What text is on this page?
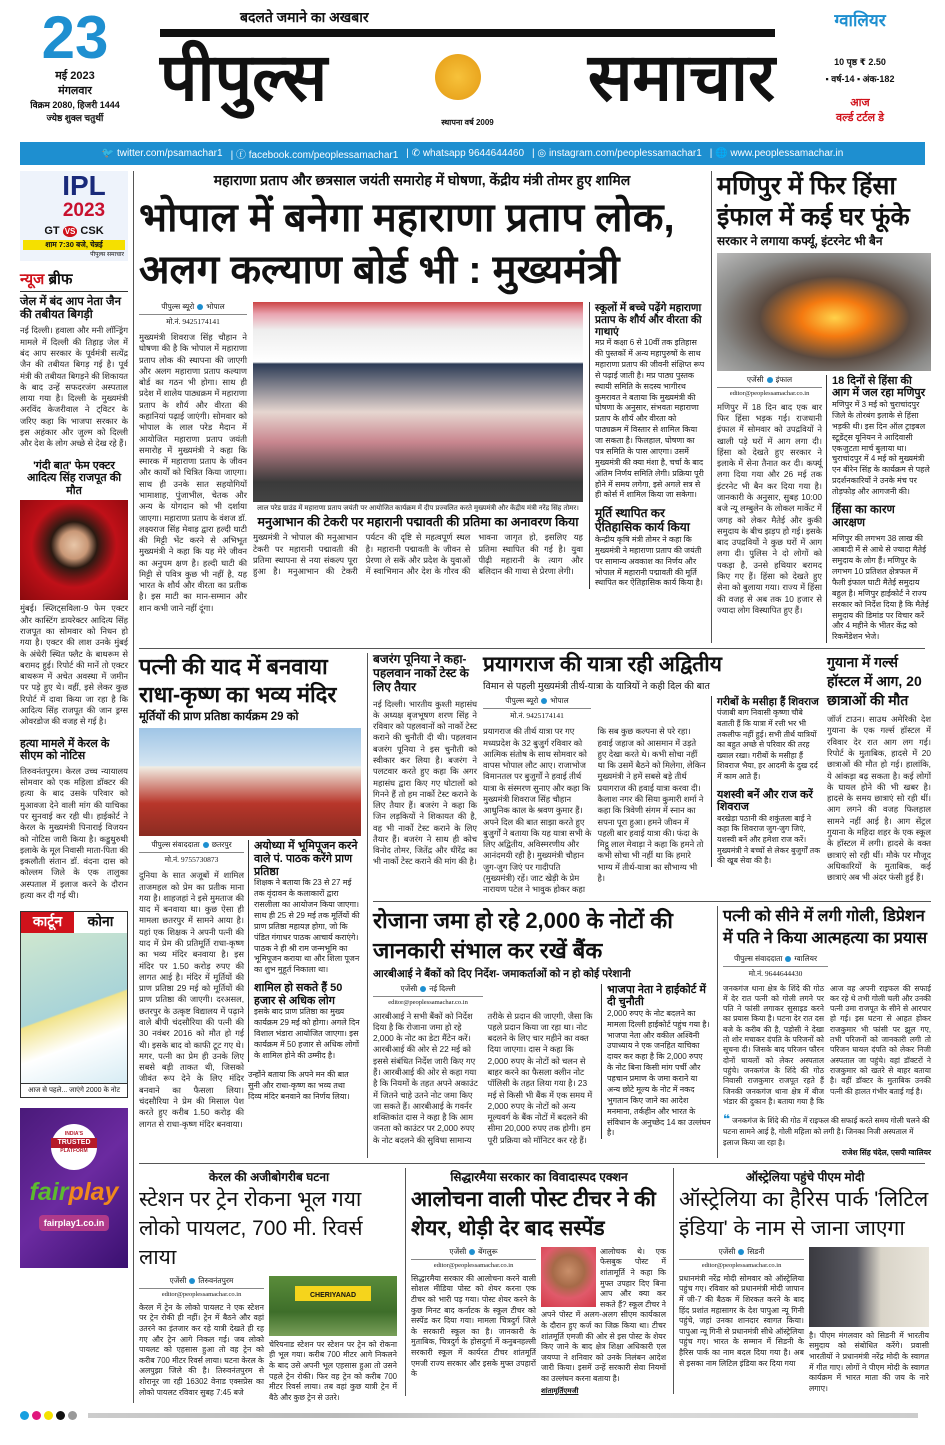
23
मई 2023
मंगलवार
विक्रम 2080, हिजरी 1444
ज्येष्ठ शुक्ल चतुर्थी
बदलते जमाने का अखबार
पीपुल्स	समाचार
स्थापना वर्ष 2009
ग्वालियर
10 पृष्ठ ₹ 2.50
▪ वर्ष-14 ▪ अंक-182
आज
वर्ल्ड टर्टल डे
🐦 twitter.com/psamachar1 | ⓕ facebook.com/peoplessamachar1 | ✆ whatsapp 9644644460 | ◎ instagram.com/peoplessamachar1 | 🌐 www.peoplessamachar.in
IPL
2023
GT VS CSK
शाम 7:30 बजे, चेन्नई
पीपुल्स समाचार
न्यूज ब्रीफ
जेल में बंद आप नेता जैन की तबीयत बिगड़ी
नई दिल्ली। हवाला और मनी लॉन्ड्रिंग मामले में दिल्ली की तिहाड़ जेल में बंद आप सरकार के पूर्वमंत्री सत्येंद्र जैन की तबीयत बिगड़ गई है। पूर्व मंत्री की तबीयत बिगड़ने की शिकायत के बाद उन्हें सफदरजंग अस्पताल लाया गया है। दिल्ली के मुख्यमंत्री अरविंद केजरीवाल ने ट्विटर के जरिए कहा कि भाजपा सरकार के इस अहंकार और जुल्म को दिल्ली और देश के लोग अच्छे से देख रहे हैं।
'गंदी बात' फेम एक्टर आदित्य सिंह राजपूत की मौत
मुंबई। स्प्लिट्सविला-9 फेम एक्टर और कास्टिंग डायरेक्टर आदित्य सिंह राजपूत का सोमवार को निधन हो गया है। एक्टर की लाश उनके मुंबई के अंधेरी स्थित फ्लैट के बाथरूम से बरामद हुई। रिपोर्ट की मानें तो एक्टर बाथरूम में अचेत अवस्था में जमीन पर पड़े हुए थे। वहीं, इसे लेकर कुछ रिपोर्ट में दावा किया जा रहा है कि आदित्य सिंह राजपूत की जान ड्रग्स ओवरडोज की वजह से गई है।
हत्या मामले में केरल के सीएम को नोटिस
तिरुवनंतपुरम। केरल उच्च न्यायालय सोमवार को एक महिला डॉक्टर की हत्या के बाद उसके परिवार को मुआवजा देने वाली मांग की याचिका पर सुनवाई कर रही थी। हाईकोर्ट ने केरल के मुख्यमंत्री पिनाराई विजयन को नोटिस जारी किया है। कडुथुरुथी इलाके के मूल निवासी माता-पिता की इकलौती संतान डॉ. वंदना दास को कोल्लम जिले के एक तालुका अस्पताल में इलाज करने के दौरान हत्या कर दी गई थी।
कार्टून	कोना
आज से पहले... जाएंगे 2000 के नोट
INDIA'S
TRUSTED
PLATFORM
fairplay
fairplay1.co.in
महाराणा प्रताप और छत्रसाल जयंती समारोह में घोषणा, केंद्रीय मंत्री तोमर हुए शामिल
भोपाल में बनेगा महाराणा प्रताप लोक, अलग कल्याण बोर्ड भी : मुख्यमंत्री
पीपुल्स ब्यूरो भोपाल
मो.नं. 9425174141
मुख्यमंत्री शिवराज सिंह चौहान ने घोषणा की है कि भोपाल में महाराणा प्रताप लोक की स्थापना की जाएगी और अलग महाराणा प्रताप कल्याण बोर्ड का गठन भी होगा। साथ ही प्रदेश में शालेय पाठ्यक्रम में महाराणा प्रताप के शौर्य और वीरता की कहानियां पढ़ाई जाएंगी। सोमवार को भोपाल के लाल परेड मैदान में आयोजित महाराणा प्रताप जयंती समारोह में मुख्यमंत्री ने कहा कि स्मारक में महाराणा प्रताप के जीवन और कार्यों को चित्रित किया जाएगा। साथ ही उनके सात सहयोगियों भामाशाह, पुंजाभील, चेतक और अन्य के योगदान को भी दर्शाया जाएगा। महाराणा प्रताप के वंशज डॉ. लक्ष्यराज सिंह मेवाड़ द्वारा हल्दी घाटी की मिट्टी भेंट करने से अभिभूत मुख्यमंत्री ने कहा कि यह मेरे जीवन का अनुपम क्षण है। हल्दी घाटी की मिट्टी से पवित्र कुछ भी नहीं है, यह भारत के शौर्य और वीरता का प्रतीक है। इस माटी का मान-सम्मान और शान कभी जाने नहीं दूंगा।
लाल परेड ग्राउंड में महाराणा प्रताप जयंती पर आयोजित कार्यक्रम में दीप प्रज्वलित करते मुख्यमंत्री और केंद्रीय मंत्री नरेंद्र सिंह तोमर।
मनुआभान की टेकरी पर महारानी पद्मावती की प्रतिमा का अनावरण किया
मुख्यमंत्री ने भोपाल की मनुआभान टेकरी पर महारानी पद्मावती की प्रतिमा स्थापना से नया संकल्प पूरा हुआ है। मनुआभान की टेकरी पर्यटन की दृष्टि से महत्वपूर्ण स्थल है। महारानी पद्मावती के जीवन से प्रेरणा ले सकें और प्रदेश के युवाओं में स्वाभिमान और देश के गौरव की भावना जागृत हो, इसलिए यह प्रतिमा स्थापित की गई है। युवा पीढ़ी महारानी के त्याग और बलिदान की गाथा से प्रेरणा लेगी।
स्कूलों में बच्चे पढ़ेंगे महाराणा प्रताप के शौर्य और वीरता की गाथाएं
मप्र में कक्षा 6 से 10वीं तक इतिहास की पुस्तकों में अन्य महापुरुषों के साथ महाराणा प्रताप की जीवनी संक्षिप्त रूप से पढ़ाई जाती है। मप्र पाठ्य पुस्तक स्थायी समिति के सदस्य भागीरथ कुमरावत ने बताया कि मुख्यमंत्री की घोषणा के अनुसार, संभवतः महाराणा प्रताप के शौर्य और वीरता को पाठ्यक्रम में विस्तार से शामिल किया जा सकता है। फिलहाल, घोषणा का पत्र समिति के पास आएगा। उसमें मुख्यमंत्री की क्या मंशा है, चर्चा के बाद अंतिम निर्णय समिति लेगी। प्रक्रिया पूरी होने में समय लगेगा, इसे अगले सत्र से ही कोर्स में शामिल किया जा सकेगा।
मूर्ति स्थापित कर ऐतिहासिक कार्य किया
केन्द्रीय कृषि मंत्री तोमर ने कहा कि मुख्यमंत्री ने महाराणा प्रताप की जयंती पर सामान्य अवकाश का निर्णय और भोपाल में महारानी पद्मावती की मूर्ति स्थापित कर ऐतिहासिक कार्य किया है।
मणिपुर में फिर हिंसा इंफाल में कई घर फूंके
सरकार ने लगाया कर्फ्यू, इंटरनेट भी बैन
एजेंसी इंफाल
editor@peoplessamachar.co.in
मणिपुर में 18 दिन बाद एक बार फिर हिंसा भड़क गई। राजधानी इंफाल में सोमवार को उपद्रवियों ने खाली पड़े घरों में आग लगा दी। हिंसा को देखते हुए सरकार ने इलाके में सेना तैनात कर दी। कर्फ्यू लगा दिया गया और 26 मई तक इंटरनेट भी बैन कर दिया गया है। जानकारी के अनुसार, सुबह 10:00 बजे न्यू लम्बुलेन के लोकल मार्केट में जगह को लेकर मैतेई और कुकी समुदाय के बीच झड़प हो गई। इसके बाद उपद्रवियों ने कुछ घरों में आग लगा दी। पुलिस ने दो लोगों को पकड़ा है, उनसे हथियार बरामद किए गए हैं। हिंसा को देखते हुए सेना को बुलाया गया। राज्य में हिंसा की वजह से अब तक 10 हजार से ज्यादा लोग विस्थापित हुए हैं।
18 दिनों से हिंसा की आग में जल रहा मणिपुर
मणिपुर में 3 मई को चुराचांदपुर जिले के तोरबंग इलाके से हिंसा भड़की थी। इस दिन ऑल ट्राइबल स्टूडेंट्स यूनियन ने आदिवासी एकजुटता मार्च बुलाया था। चुराचांदपुर में 4 मई को मुख्यमंत्री एन बीरेन सिंह के कार्यक्रम से पहले प्रदर्शनकारियों ने उनके मंच पर तोड़फोड़ और आगजनी की।
हिंसा का कारण आरक्षण
मणिपुर की लगभग 38 लाख की आबादी में से आधे से ज्यादा मैतेई समुदाय के लोग हैं। मणिपुर के लगभग 10 प्रतिशत क्षेत्रफल में फैली इंफाल घाटी मैतेई समुदाय बहुल है। मणिपुर हाईकोर्ट ने राज्य सरकार को निर्देश दिया है कि मैतेई समुदाय की डिमांड पर विचार करें और 4 महीने के भीतर केंद्र को रिकमेंडेशन भेजे।
पत्नी की याद में बनवाया राधा-कृष्ण का भव्य मंदिर
मूर्तियों की प्राण प्रतिष्ठा कार्यक्रम 29 को
पीपुल्स संवाददाता छतरपुर
मो.नं. 9755730873
दुनिया के सात अजूबों में शामिल ताजमहल को प्रेम का प्रतीक माना गया है। शाहजहां ने इसे मुमताज की याद में बनवाया था। कुछ ऐसा ही मामला छतरपुर में सामने आया है। यहां एक शिक्षक ने अपनी पत्नी की याद में प्रेम की प्रतिमूर्ति राधा-कृष्ण का भव्य मंदिर बनवाया है। इस मंदिर पर 1.50 करोड़ रुपए की लागत आई है। मंदिर में मूर्तियों की प्राण प्रतिष्ठा 29 मई को मूर्तियों की प्राण प्रतिष्ठा की जाएगी। दरअसल, छतरपुर के उत्कृष्ट विद्यालय में पढ़ाने वाले बीपी चंदसौरिया की पत्नी की 30 नवंबर 2016 को मौत हो गई थी। इसके बाद वो काफी टूट गए थे। मगर, पत्नी का प्रेम ही उनके लिए सबसे बड़ी ताकत थी, जिसको जीवंत रूप देने के लिए मंदिर बनवाने का फैसला लिया। चंदसौरिया ने प्रेम की मिसाल पेश करते हुए करीब 1.50 करोड़ की लागत से राधा-कृष्ण मंदिर बनवाया।
अयोध्या में भूमिपूजन करने वाले पं. पाठक करेंगे प्राण प्रतिष्ठा
शिक्षक ने बताया कि 23 से 27 मई तक वृंदावन के कलाकारों द्वारा रासलीला का आयोजन किया जाएगा। साथ ही 25 से 29 मई तक मूर्तियों की प्राण प्रतिष्ठा महायज्ञ होगा, जो कि पंडित गंगाधर पाठक आचार्य कराएंगे। पाठक ने ही श्री राम जन्मभूमि का भूमिपूजन कराया था और शिला पूजन का शुभ मुहूर्त निकाला था।
शामिल हो सकते हैं 50 हजार से अधिक लोग
इसके बाद प्राण प्रतिष्ठा का मुख्य कार्यक्रम 29 मई को होगा। अगले दिन विशाल भंडारा आयोजित जाएगा। इस कार्यक्रम में 50 हजार से अधिक लोगों के शामिल होने की उम्मीद है।
उन्होंने बताया कि अपने मन की बात सुनी और राधा-कृष्ण का भव्य तथा दिव्य मंदिर बनवाने का निर्णय लिया।
बजरंग पूनिया ने कहा- पहलवान नार्को टेस्ट के लिए तैयार
नई दिल्ली। भारतीय कुश्ती महासंघ के अध्यक्ष बृजभूषण शरण सिंह ने रविवार को पहलवानों को नार्को टेस्ट कराने की चुनौती दी थी। पहलवान बजरंग पूनिया ने इस चुनौती को स्वीकार कर लिया है। बजरंग ने पलटवार करते हुए कहा कि अगर महासंघ द्वारा किए गए घोटालों को गिनने हैं तो हम नार्को टेस्ट कराने के लिए तैयार हैं। बजरंग ने कहा कि जिन लड़कियों ने शिकायत की है, वह भी नार्को टेस्ट कराने के लिए तैयार हैं। बजरंग ने साथ ही कोच विनोद तोमर, जितेंद्र और धीरेंद्र का भी नार्को टेस्ट कराने की मांग की है।
प्रयागराज की यात्रा रही अद्वितीय
विमान से पहली मुख्यमंत्री तीर्थ-यात्रा के यात्रियों ने कही दिल की बात
पीपुल्स ब्यूरो भोपाल
मो.नं. 9425174141
प्रयागराज की तीर्थ यात्रा पर गए मध्यप्रदेश के 32 बुजुर्ग रविवार को आत्मिक संतोष के साथ सोमवार को वापस भोपाल लौट आए। राजाभोज विमानतल पर बुजुर्गों ने हवाई तीर्थ यात्रा के संस्मरण सुनाए और कहा कि मुख्यमंत्री शिवराज सिंह चौहान आधुनिक काल के श्रवण कुमार हैं। अपने दिल की बात साझा करते हुए बुजुर्गों ने बताया कि यह यात्रा सभी के लिए अद्वितीय, अविस्मरणीय और आनंदमयी रही है। मुख्यमंत्री चौहान जुग-जुग जिएं पर गादीपति (मुख्यमंत्री) रहें। जाट खेड़ी के प्रेम नारायण पटेल ने भावुक होकर कहा कि सब कुछ कल्पना से परे रहा। हवाई जहाज को आसमान में उड़ते हुए देखा करते थे। कभी सोचा नहीं था कि उसमें बैठने को मिलेगा, लेकिन मुख्यमंत्री ने हमें सबसे बड़े तीर्थ प्रयागराज की हवाई यात्रा करवा दी। कैलाश नगर की सिया कुमारी शर्मा ने कहा कि त्रिवेणी संगम में स्नान का सपना पूरा हुआ। हमने जीवन में पहली बार हवाई यात्रा की। फंदा के मिट्ठू लाल मेवाड़ा ने कहा कि हमने तो कभी सोचा भी नहीं था कि हमारे भाग्य में तीर्थ-यात्रा का सौभाग्य भी है।
गरीबों के मसीहा हैं शिवराज
पंजाबी बाग निवासी कृष्णा चौबे बताती हैं कि यात्रा में रत्ती भर भी तकलीफ नहीं हुई। सभी तीर्थ यात्रियों का बहुत अच्छे से परिवार की तरह ख्याल रखा। गरीबों के मसीहा हैं शिवराज भैया, हर आदमी के दुख दर्द में काम आते हैं।
यशस्वी बनें और राज करें शिवराज
बरखेड़ा पठानी की शकुंतला बाई ने कहा कि शिवराज जुग-जुग जिएं, यशस्वी बनें और हमेशा राज करें। मुख्यमंत्री ने बच्चों से लेकर बुजुर्गों तक की खूब सेवा की है।
गुयाना में गर्ल्स हॉस्टल में आग, 20 छात्राओं की मौत
जॉर्ज टाउन। साउथ अमेरिकी देश गुयाना के एक गर्ल्स हॉस्टल में रविवार देर रात आग लग गई। रिपोर्ट के मुताबिक, हादसे में 20 छात्राओं की मौत हो गई। हालांकि, ये आंकड़ा बढ़ सकता है। कई लोगों के घायल होने की भी खबर है। हादसे के समय छात्राएं सो रही थीं। आग लगने की वजह फिलहाल सामने नहीं आई है। आग सेंट्रल गुयाना के महिदा शहर के एक स्कूल के हॉस्टल में लगी। हादसे के वक्त छात्राएं सो रही थीं। मौके पर मौजूद अधिकारियों के मुताबिक, कई छात्राएं अब भी अंदर फंसी हुई हैं।
रोजाना जमा हो रहे 2,000 के नोटों की जानकारी संभाल कर रखें बैंक
आरबीआई ने बैंकों को दिए निर्देश- जमाकर्ताओं को न हो कोई परेशानी
एजेंसी नई दिल्ली
editor@peoplessamachar.co.in
आरबीआई ने सभी बैंकों को निर्देश दिया है कि रोजाना जमा हो रहे 2,000 के नोट का डेटा मैंटेन करें। आरबीआई की ओर से 22 मई को इससे संबंधित निर्देश जारी किए गए हैं। आरबीआई की ओर से कहा गया है कि नियमों के तहत अपने अकाउंट में जितने चाहे उतने नोट जमा किए जा सकते हैं। आरबीआई के गवर्नर शक्तिकांत दास ने कहा है कि आम जनता को काउंटर पर 2,000 रुपए के नोट बदलने की सुविधा सामान्य तरीके से प्रदान की जाएगी, जैसा कि पहले प्रदान किया जा रहा था। नोट बदलने के लिए चार महीने का वक्त दिया जाएगा। दास ने कहा कि 2,000 रुपए के नोटों को चलन से बाहर करने का फैसला क्लीन नोट पॉलिसी के तहत लिया गया है। 23 मई से किसी भी बैंक में एक समय में 2,000 रुपए के नोटों को अन्य मूल्यवर्ग के बैंक नोटों में बदलने की सीमा 20,000 रुपए तक होगी। हम पूरी प्रक्रिया को मॉनिटर कर रहे हैं।
भाजपा नेता ने हाईकोर्ट में दी चुनौती
2,000 रुपए के नोट बदलने का मामला दिल्ली हाईकोर्ट पहुंच गया है। भाजपा नेता और वकील अश्विनी उपाध्याय ने एक जनहित याचिका दायर कर कहा है कि 2,000 रुपए के नोट बिना किसी मांग पर्ची और पहचान प्रमाण के जमा कराने या अन्य छोटे मूल्य के नोट में नकद भुगतान किए जाने का आदेश मनमाना, तर्कहीन और भारत के संविधान के अनुच्छेद 14 का उल्लंघन है।
पत्नी को सीने में लगी गोली, डिप्रेशन में पति ने किया आत्महत्या का प्रयास
पीपुल्स संवाददाता ग्वालियर
मो.नं. 9644644430
जनकगंज थाना क्षेत्र के शिंदे की गोठ में देर रात पत्नी को गोली लगने पर पति ने फांसी लगाकर सुसाइड करने का प्रयास किया है। घटना देर रात दस बजे के करीब की है, पड़ोसी ने देखा तो शोर मचाकर दंपति के परिजनों को सूचना दी। जिसके बाद परिजन फौरन दोनों घायलों को लेकर अस्पताल पहुंचे। जनकगंज के शिंदे की गोठ निवासी राजकुमार राजपूत रहते हैं जिनकी जनकगंज थाना क्षेत्र में बीज भंडार की दुकान है। बताया गया है कि आज वह अपनी राइफल की सफाई कर रहे थे तभी गोली चली और उनकी पत्नी उमा राजपूत के सीने से आरपार हो गई। इस घटना से आहत होकर राजकुमार भी फांसी पर झूल गए, तभी परिजनों को जानकारी लगी तो परिजन घायल दंपति को लेकर निजी अस्पताल जा पहुंचे। वहां डॉक्टरों ने राजकुमार को खतरे से बाहर बताया है। वहीं डॉक्टर के मुताबिक उनकी पत्नी की हालत गंभीर बताई गई है।
❝ जनकगंज के शिंदे की गोठ में राइफल की सफाई करते समय गोली चलने की घटना सामने आई है, गोली महिला को लगी है। जिनका निजी अस्पताल में इलाज किया जा रहा है।
राजेश सिंह चंदेल, एसपी ग्वालियर
केरल की अजीबोगरीब घटना
स्टेशन पर ट्रेन रोकना भूल गया लोको पायलट, 700 मी. रिवर्स लाया
एजेंसी तिरुवनंतपुरम
editor@peoplessamachar.co.in
केरल में ट्रेन के लोको पायलट ने एक स्टेशन पर ट्रेन रोकी ही नहीं। ट्रेन में बैठने और वहां उतरने का इंतजार कर रहे यात्री देखते ही रह गए और ट्रेन आगे निकल गई। जब लोको पायलट को एहसास हुआ तो वह ट्रेन को करीब 700 मीटर रिवर्स लाया। घटना केरल के अलपुझा जिले की है। तिरुवनंतपुरम से शोरानूर जा रही 16302 वेनाड एक्सप्रेस का लोको पायलट रविवार सुबह 7:45 बजे
CHERIYANAD
चेरियनाड स्टेशन पर स्टेशन पर ट्रेन को रोकना ही भूल गया। करीब 700 मीटर आगे निकलने के बाद उसे अपनी भूल एहसास हुआ तो उसने पहले ट्रेन रोकी। फिर वह ट्रेन को करीब 700 मीटर रिवर्स लाया। तब वहां कुछ यात्री ट्रेन में बैठे और कुछ ट्रेन से उतरे।
सिद्धारमैया सरकार का विवादास्पद एक्शन
आलोचना वाली पोस्ट टीचर ने की शेयर, थोड़ी देर बाद सस्पेंड
एजेंसी बेंगलुरू
editor@peoplessamachar.co.in
सिद्धारमैया सरकार की आलोचना करने वाली सोशल मीडिया पोस्ट को शेयर करना एक टीचर को भारी पड़ गया। पोस्ट शेयर करने के कुछ मिनट बाद कर्नाटक के स्कूल टीचर को सस्पेंड कर दिया गया। मामला चित्रदुर्ग जिले के सरकारी स्कूल का है। जानकारी के मुताबिक, चित्रदुर्ग के होसदुर्गा में कनुबनहल्ली सरकारी स्कूल में कार्यरत टीचर शांतमूर्ति एमजी राज्य सरकार और इसके मुफ्त उपहारों के
आलोचक थे। एक फेसबुक पोस्ट में शांतामूर्ति ने कहा कि मुफ्त उपहार दिए बिना आप और क्या कर सकते हैं? स्कूल टीचर ने अपने पोस्ट में अलग-अलग सीएम कार्यकाल के दौरान हुए कर्ज का जिक्र किया था। टीचर शांतमूर्ति एमजी की ओर से इस पोस्ट के शेयर किए जाने के बाद क्षेत्र शिक्षा अधिकारी एल जयप्पा ने शनिवार को उनके निलंबन आदेश जारी किया। इसमें उन्हें सरकारी सेवा नियमों का उल्लंघन करना बताया है।
शांतामूर्तिएमजी
ऑस्ट्रेलिया पहुंचे पीएम मोदी
ऑस्ट्रेलिया का हैरिस पार्क 'लिटिल इंडिया' के नाम से जाना जाएगा
एजेंसी सिडनी
editor@peoplessamachar.co.in
प्रधानमंत्री नरेंद्र मोदी सोमवार को ऑस्ट्रेलिया पहुंच गए। रविवार को प्रधानमंत्री मोदी जापान में जी-7 की बैठक में शिरकत करने के बाद हिंद प्रशांत महासागर के देश पापुआ न्यू गिनी पहुंचे, जहां उनका शानदार स्वागत किया। पापुआ न्यू गिनी से प्रधानमंत्री सीधे ऑस्ट्रेलिया पहुंच गए। भारत के सम्मान में सिडनी के हैरिस पार्क का नाम बदल दिया गया है। अब से इसका नाम लिटिल इंडिया कर दिया गया
है। पीएम मंगलवार को सिडनी में भारतीय समुदाय को संबोधित करेंगे। प्रवासी भारतीयों ने प्रधानमंत्री नरेंद्र मोदी के स्वागत में गीत गाए। लोगों ने पीएम मोदी के स्वागत कार्यक्रम में भारत माता की जय के नारे लगाए।
